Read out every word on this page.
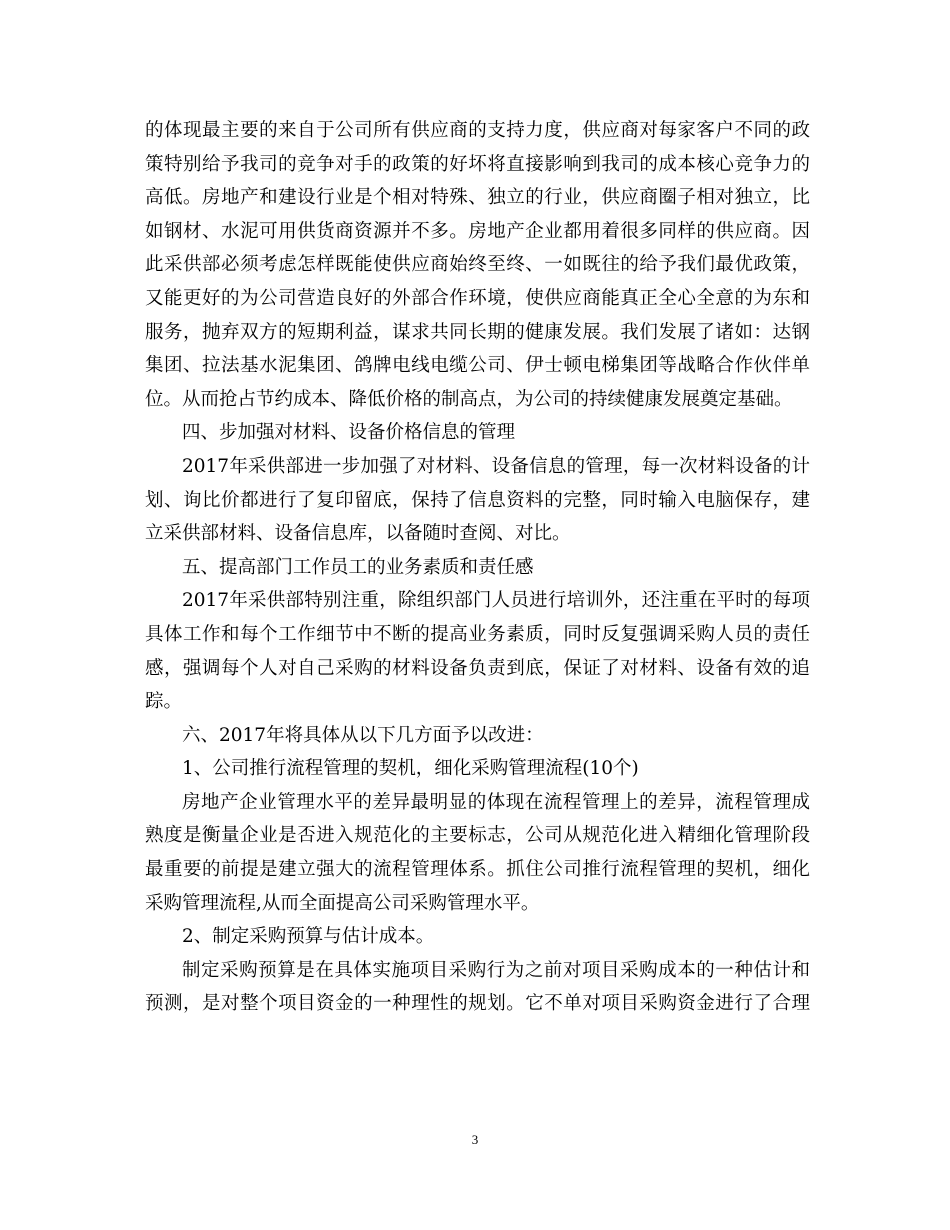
的体现最主要的来自于公司所有供应商的支持力度，供应商对每家客户不同的政
策特别给予我司的竞争对手的政策的好坏将直接影响到我司的成本核心竞争力的
高低。房地产和建设行业是个相对特殊、独立的行业，供应商圈子相对独立，比
如钢材、水泥可用供货商资源并不多。房地产企业都用着很多同样的供应商。因
此采供部必须考虑怎样既能使供应商始终至终、一如既往的给予我们最优政策，
又能更好的为公司营造良好的外部合作环境，使供应商能真正全心全意的为东和
服务，抛弃双方的短期利益，谋求共同长期的健康发展。我们发展了诸如：达钢
集团、拉法基水泥集团、鸽牌电线电缆公司、伊士顿电梯集团等战略合作伙伴单
位。从而抢占节约成本、降低价格的制高点，为公司的持续健康发展奠定基础。
四、步加强对材料、设备价格信息的管理
2017年采供部进一步加强了对材料、设备信息的管理，每一次材料设备的计
划、询比价都进行了复印留底，保持了信息资料的完整，同时输入电脑保存，建
立采供部材料、设备信息库，以备随时查阅、对比。
五、提高部门工作员工的业务素质和责任感
2017年采供部特别注重，除组织部门人员进行培训外，还注重在平时的每项
具体工作和每个工作细节中不断的提高业务素质，同时反复强调采购人员的责任
感，强调每个人对自己采购的材料设备负责到底，保证了对材料、设备有效的追
踪。
六、2017年将具体从以下几方面予以改进：
1、公司推行流程管理的契机，细化采购管理流程(10个)
房地产企业管理水平的差异最明显的体现在流程管理上的差异，流程管理成
熟度是衡量企业是否进入规范化的主要标志，公司从规范化进入精细化管理阶段
最重要的前提是建立强大的流程管理体系。抓住公司推行流程管理的契机，细化
采购管理流程,从而全面提高公司采购管理水平。
2、制定采购预算与估计成本。
制定采购预算是在具体实施项目采购行为之前对项目采购成本的一种估计和
预测，是对整个项目资金的一种理性的规划。它不单对项目采购资金进行了合理
3
